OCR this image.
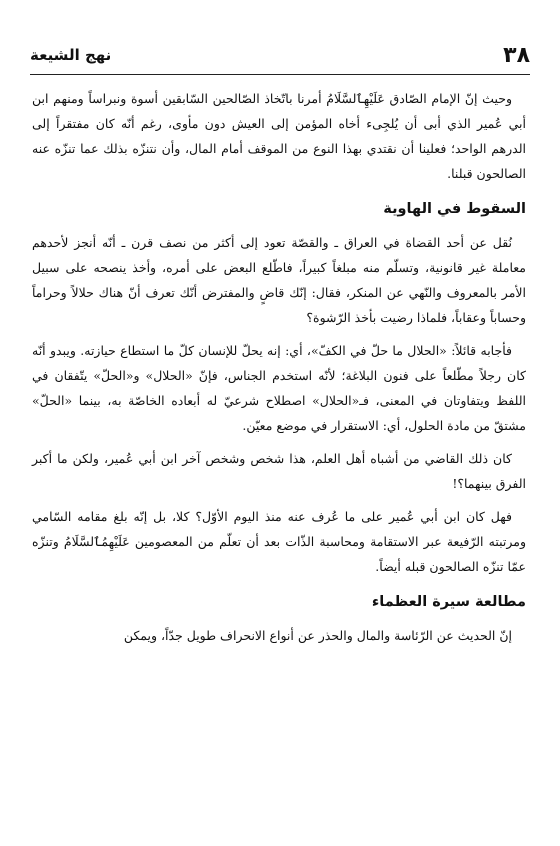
٣٨
نهج الشيعة

وحيث إنّ الإمام الصّادق عَلَيْهِٱلسَّلَامُ أمرنا باتّخاذ الصّالحين السّابقين أسوة ونبراساً ومنهم ابن أبي عُمير الذي أبى أن يُلجِىء أخاه المؤمن إلى العيش دون مأوى، رغم أنّه كان مفتقراً إلى الدرهم الواحد؛ فعلينا أن نقتدي بهذا النوع من الموقف أمام المال، وأن نتنزّه بذلك عما تنزّه عنه الصالحون قبلنا.

السقوط في الهاوية

نُقل عن أحد القضاة في العراق ـ والقصّة تعود إلى أكثر من نصف قرن ـ أنّه أنجز لأحدهم معاملة غير قانونية، وتسلّم منه مبلغاً كبيراً، فاطّلع البعض على أمره، وأخذ ينصحه على سبيل الأمر بالمعروف والنّهي عن المنكر، فقال: إنّك قاضٍ والمفترض أنّك تعرف أنّ هناك حلالاً وحراماً وحساباً وعقاباً، فلماذا رضيت بأخذ الرّشوة؟

فأجابه قائلاً: «الحلال ما حلّ في الكفّ»، أي: إنه يحلّ للإنسان كلّ ما استطاع حيازته. ويبدو أنّه كان رجلاً مطّلعاً على فنون البلاغة؛ لأنّه استخدم الجناس، فإنّ «الحلال» و«الحلّ» يتّفقان في اللفظ ويتفاوتان في المعنى، فـ«الحلال» اصطلاح شرعيّ له أبعاده الخاصّة به، بينما «الحلّ» مشتقّ من مادة الحلول، أي: الاستقرار في موضع معيّن.

كان ذلك القاضي من أشباه أهل العلم، هذا شخص وشخص آخر ابن أبي عُمير، ولكن ما أكبر الفرق بينهما؟!

فهل كان ابن أبي عُمير على ما عُرف عنه منذ اليوم الأوّل؟ كلا، بل إنّه بلغ مقامه السّامي ومرتبته الرّفيعة عبر الاستقامة ومحاسبة الذّات بعد أن تعلّم من المعصومين عَلَيْهِمُٱلسَّلَامُ وتنزّه عمّا تنزّه الصالحون قبله أيضاً.

مطالعة سيرة العظماء

إنّ الحديث عن الرّئاسة والمال والحذر عن أنواع الانحراف طويل جدّاً، ويمكن
